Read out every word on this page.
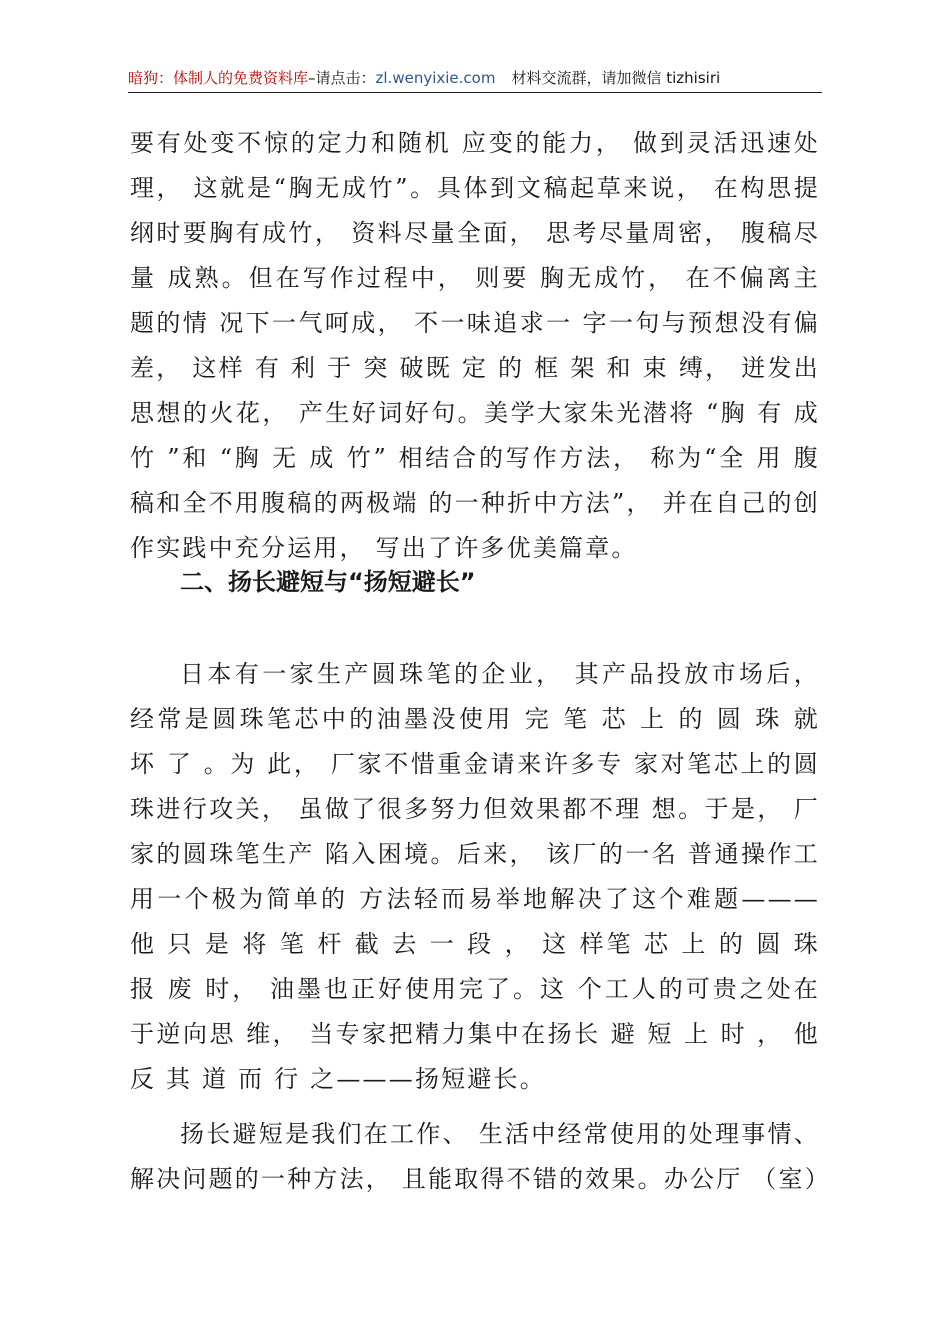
暗狗：体制人的免费资料库–请点击：zl.wenyixie.com 材料交流群，请加微信 tizhisiri

要有处变不惊的定力和随机 应变的能力， 做到灵活迅速处理， 这就是“胸无成竹”。具体到文稿起草来说， 在构思提纲时要胸有成竹， 资料尽量全面， 思考尽量周密， 腹稿尽量 成熟。但在写作过程中， 则要 胸无成竹， 在不偏离主题的情 况下一气呵成， 不一味追求一 字一句与预想没有偏差， 这样 有 利 于 突 破既 定 的 框 架 和 束 缚， 迸发出思想的火花， 产生好词好句。美学大家朱光潜将 “胸 有 成 竹 ”和 “胸 无 成 竹” 相结合的写作方法， 称为“全 用 腹稿和全不用腹稿的两极端 的一种折中方法”， 并在自己的创作实践中充分运用， 写出了许多优美篇章。

二、扬长避短与“扬短避长”

日本有一家生产圆珠笔的企业， 其产品投放市场后， 经常是圆珠笔芯中的油墨没使用 完 笔 芯 上 的 圆 珠 就 坏 了 。为 此， 厂家不惜重金请来许多专 家对笔芯上的圆珠进行攻关， 虽做了很多努力但效果都不理 想。于是， 厂家的圆珠笔生产 陷入困境。后来， 该厂的一名 普通操作工用一个极为简单的 方法轻而易举地解决了这个难题———他 只 是 将 笔 杆 截 去 一 段 ， 这 样笔 芯 上 的 圆 珠 报 废 时， 油墨也正好使用完了。这 个工人的可贵之处在于逆向思 维， 当专家把精力集中在扬长 避 短 上 时 ， 他 反 其 道 而 行 之———扬短避长。

扬长避短是我们在工作、 生活中经常使用的处理事情、解决问题的一种方法， 且能取得不错的效果。办公厅 （室）
